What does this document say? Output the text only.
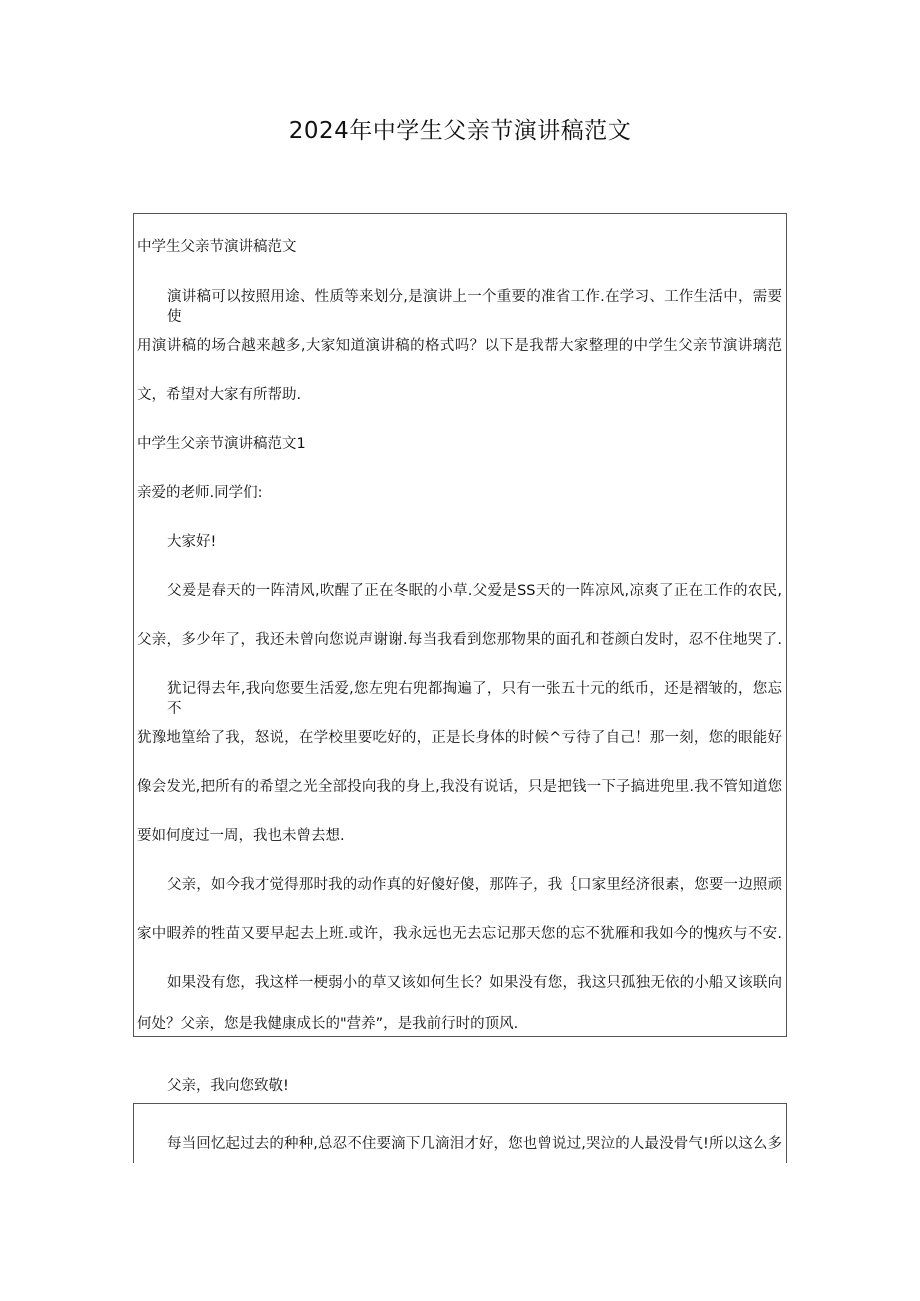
2024年中学生父亲节演讲稿范文
中学生父亲节演讲稿范文
演讲稿可以按照用途、性质等来划分,是演讲上一个重要的准省工作.在学习、工作生活中，需要使
用演讲稿的场合越来越多,大家知道演讲稿的格式吗？以下是我帮大家整理的中学生父亲节演讲璃范
文，希望对大家有所帮助.
中学生父亲节演讲稿范文1
亲爱的老师.同学们:
大家好!
父爰是春天的一阵清风,吹醒了正在冬眠的小草.父爱是SS天的一阵凉风,凉爽了正在工作的农民,
父亲，多少年了，我还未曾向您说声谢谢.每当我看到您那物果的面孔和苍颜白发时，忍不住地哭了.
犹记得去年,我向您要生活爱,您左兜右兜都掏遍了，只有一张五十元的纸币，还是褶皱的，您忘不
犹豫地篁给了我，怒说，在学校里要吃好的，正是长身体的时候^亏待了自己！那一刻，您的眼能好
像会发光,把所有的希望之光全部投向我的身上,我没有说话，只是把钱一下子搞进兜里.我不管知道您
要如何度过一周，我也未曾去想.
父亲，如今我才觉得那时我的动作真的好傻好傻，那阵子，我｛口家里经济很素，您要一边照顽
家中暇养的牲苗又要早起去上班.或许，我永远也无去忘记那天您的忘不犹雁和我如今的愧疚与不安.
如果没有您，我这样一梗弱小的草又该如何生长？如果没有您，我这只孤独无依的小船又该联向
何处？父亲，您是我健康成长的"营养”，是我前行时的顶风.
父亲，我向您致敬!
每当回忆起过去的种种,总忍不住要滴下几滴泪才好，您也曾说过,哭泣的人最没骨气!所以这么多
